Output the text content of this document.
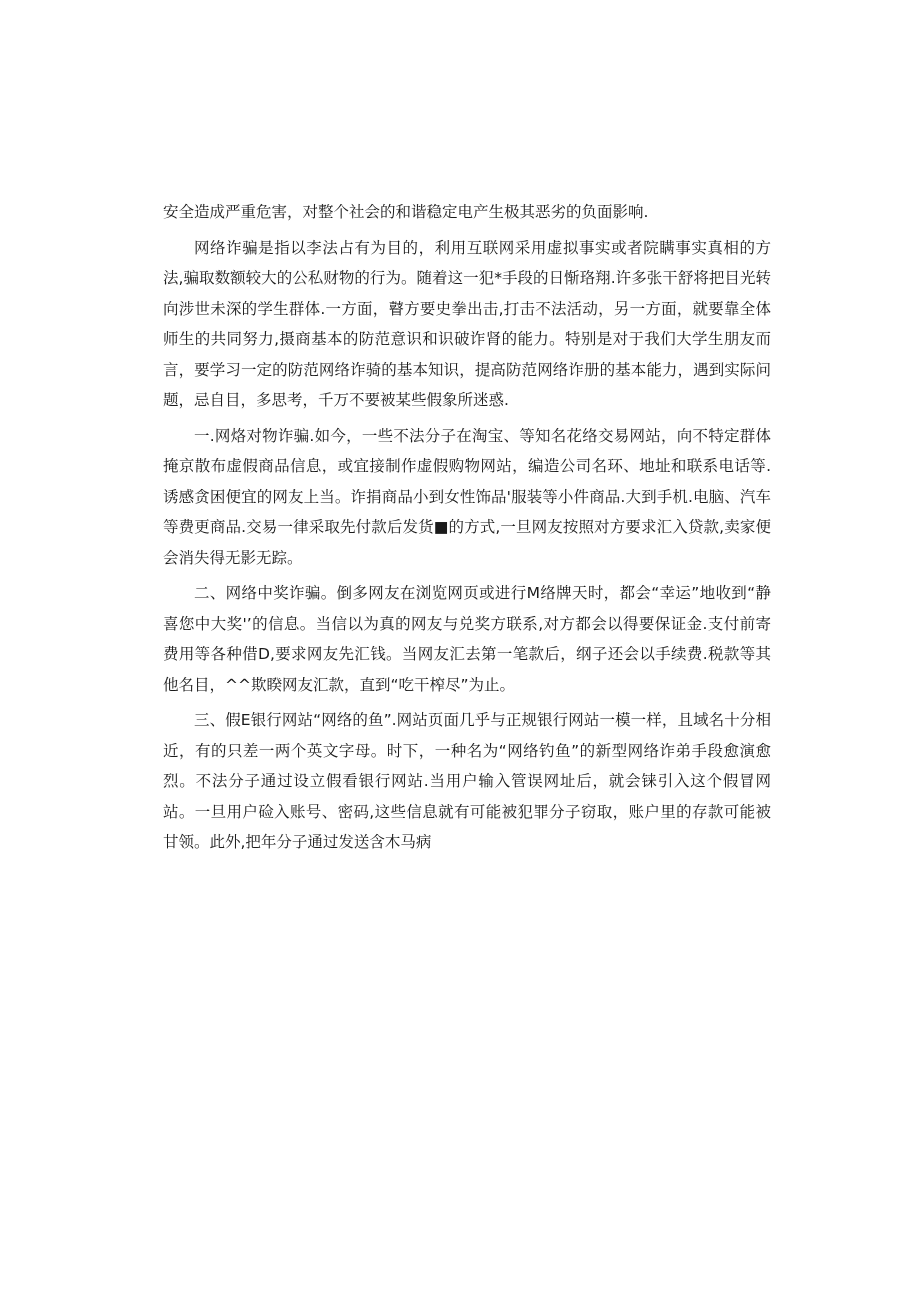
安全造成严重危害，对整个社会的和谐稳定电产生极其恶劣的负面影响.

网络诈骗是指以李法占有为目的，利用互联网采用虚拟事实或者院瞒事实真相的方法,骗取数额较大的公私财物的行为。随着这一犯*手段的日惭珞翔.许多张干舒将把目光转向涉世未深的学生群体.一方面，瞽方要史拳出击,打击不法活动，另一方面，就要靠全体师生的共同努力,摄商基本的防范意识和识破诈肾的能力。特别是对于我们大学生朋友而言，要学习一定的防范网络诈骑的基本知识，提高防范网络诈册的基本能力，遇到实际问题，忌自目，多思考，千万不要被某些假象所迷惑.

一.网烙对物诈骗.如今，一些不法分子在淘宝、等知名花络交易网站，向不特定群体掩京散布虚假商品信息，或宜接制作虚假购物网站，编造公司名环、地址和联系电话等.诱感贪困便宜的网友上当。诈捐商品小到女性饰品'服装等小件商品.大到手机.电脑、汽车等费更商品.交易一律采取先付款后发货■的方式,一旦网友按照对方要求汇入贷款,卖家便会消失得无影无踪。

二、网络中奖诈骗。倒多网友在浏览网页或进行M络牌天时，都会“幸运”地收到“静喜您中大奖'’的信息。当信以为真的网友与兑奖方联系,对方都会以得要保证金.支付前寄费用等各种借D,要求网友先汇钱。当网友汇去第一笔款后，纲子还会以手续费.税款等其他名目，^^欺睽网友汇款，直到“吃干榨尽”为止。

三、假E银行网站“网络的鱼”.网站页面几乎与正规银行网站一模一样，且域名十分相近，有的只差一两个英文字母。时下，一种名为“网络钓鱼”的新型网络诈弟手段愈演愈烈。不法分子通过设立假看银行网站.当用户输入管误网址后，就会铼引入这个假冒网站。一旦用户硷入账号、密码,这些信息就有可能被犯罪分子窃取，账户里的存款可能被甘领。此外,把年分子通过发送含木马病
